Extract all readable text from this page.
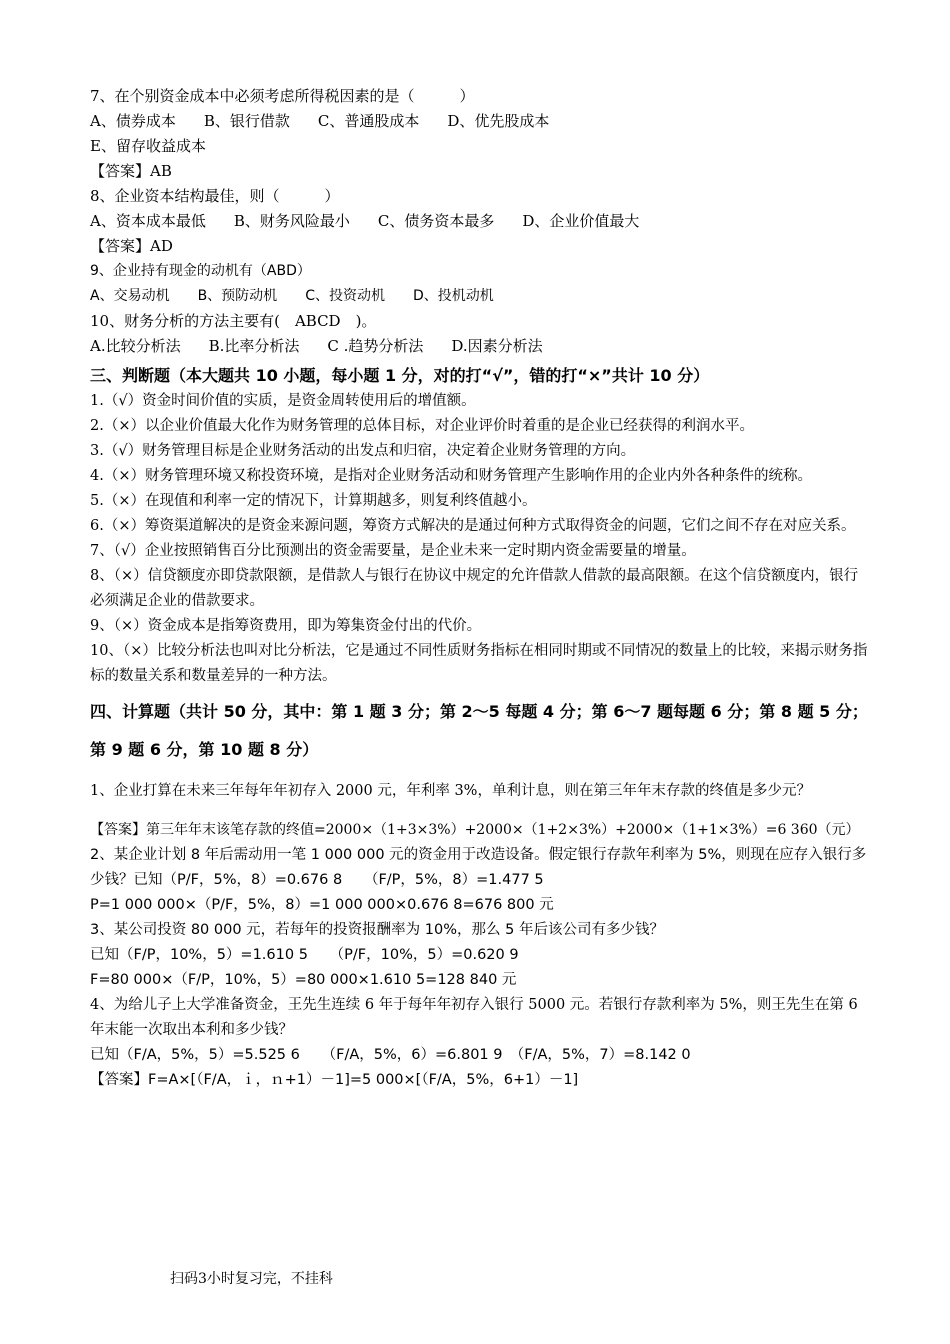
7、在个别资金成本中必须考虑所得税因素的是（　　　）
A、债券成本 B、银行借款 C、普通股成本 D、优先股成本
E、留存收益成本
【答案】AB
8、企业资本结构最佳，则（　　　）
A、资本成本最低 B、财务风险最小 C、债务资本最多 D、企业价值最大
【答案】AD
9、企业持有现金的动机有（ABD）
A、交易动机 B、预防动机 C、投资动机 D、投机动机
10、财务分析的方法主要有(　ABCD　)。
A.比较分析法 B.比率分析法 C .趋势分析法 D.因素分析法
三、判断题（本大题共 10 小题，每小题 1 分，对的打“√”，错的打“×”共计 10 分）
1.（√）资金时间价值的实质，是资金周转使用后的增值额。
2.（×）以企业价值最大化作为财务管理的总体目标，对企业评价时着重的是企业已经获得的利润水平。
3.（√）财务管理目标是企业财务活动的出发点和归宿，决定着企业财务管理的方向。
4.（×）财务管理环境又称投资环境，是指对企业财务活动和财务管理产生影响作用的企业内外各种条件的统称。
5.（×）在现值和利率一定的情况下，计算期越多，则复利终值越小。
6.（×）筹资渠道解决的是资金来源问题，筹资方式解决的是通过何种方式取得资金的问题，它们之间不存在对应关系。
7、（√）企业按照销售百分比预测出的资金需要量，是企业未来一定时期内资金需要量的增量。
8、（×）信贷额度亦即贷款限额，是借款人与银行在协议中规定的允许借款人借款的最高限额。在这个信贷额度内，银行必须满足企业的借款要求。
9、（×）资金成本是指筹资费用，即为筹集资金付出的代价。
10、（×）比较分析法也叫对比分析法，它是通过不同性质财务指标在相同时期或不同情况的数量上的比较，来揭示财务指标的数量关系和数量差异的一种方法。
四、计算题（共计 50 分，其中：第 1 题 3 分；第 2～5 每题 4 分；第 6～7 题每题 6 分；第 8 题 5 分；第 9 题 6 分，第 10 题 8 分）
1、企业打算在未来三年每年年初存入 2000 元，年利率 3%，单利计息，则在第三年年末存款的终值是多少元？
【答案】第三年年末该笔存款的终值=2000×（1+3×3%）+2000×（1+2×3%）+2000×（1+1×3%）=6 360（元）
2、某企业计划 8 年后需动用一笔 1 000 000 元的资金用于改造设备。假定银行存款年利率为 5%，则现在应存入银行多少钱？已知（P/F，5%，8）=0.676 8　　（F/P，5%，8）=1.477 5
P=1 000 000×（P/F，5%，8）=1 000 000×0.676 8=676 800 元
3、某公司投资 80 000 元，若每年的投资报酬率为 10%，那么 5 年后该公司有多少钱？
已知（F/P，10%，5）=1.610 5　　（P/F，10%，5）=0.620 9
F=80 000×（F/P，10%，5）=80 000×1.610 5=128 840 元
4、为给儿子上大学准备资金，王先生连续 6 年于每年年初存入银行 5000 元。若银行存款利率为 5%，则王先生在第 6 年末能一次取出本利和多少钱？
已知（F/A，5%，5）=5.525 6　　（F/A，5%，6）=6.801 9　（F/A，5%，7）=8.142 0
【答案】F=A×[（F/A，ｉ，ｎ+1）－1]=5 000×[（F/A，5%，6+1）－1]
扫码3小时复习完，不挂科
